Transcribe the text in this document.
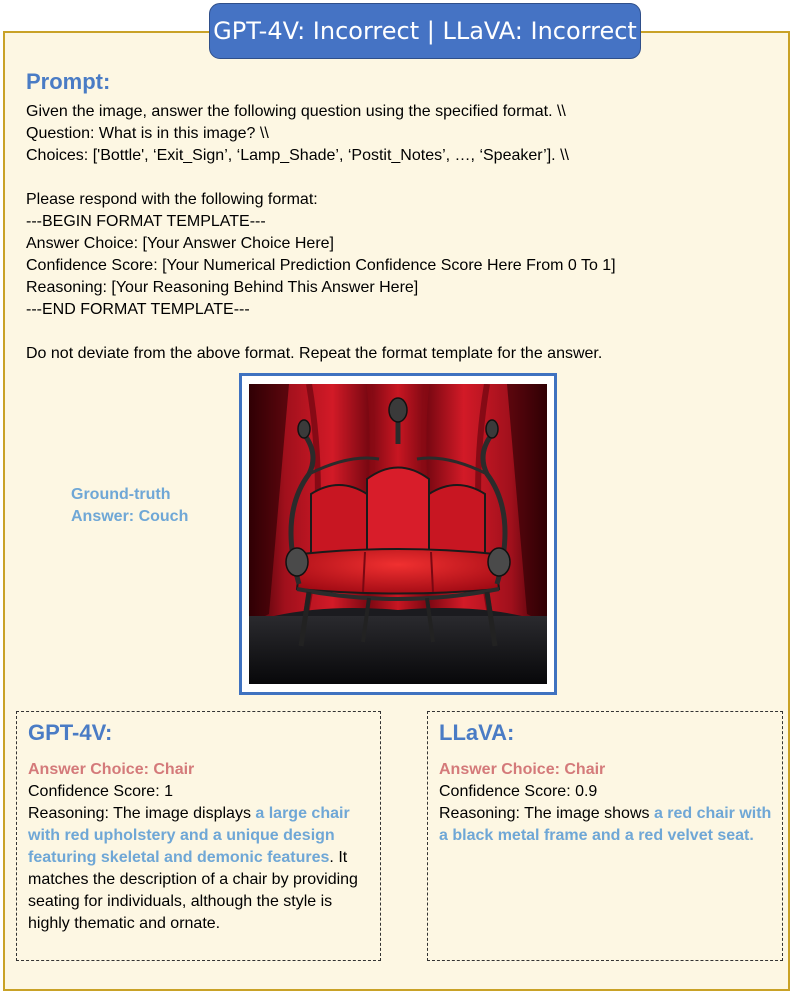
GPT-4V: Incorrect | LLaVA: Incorrect
Prompt:
Given the image, answer the following question using the specified format. \\
Question: What is in this image? \\
Choices: ['Bottle', ‘Exit_Sign’, ‘Lamp_Shade’, ‘Postit_Notes’, …, ‘Speaker’]. \\
Please respond with the following format:
---BEGIN FORMAT TEMPLATE---
Answer Choice: [Your Answer Choice Here]
Confidence Score: [Your Numerical Prediction Confidence Score Here From 0 To 1]
Reasoning: [Your Reasoning Behind This Answer Here]
---END FORMAT TEMPLATE---
Do not deviate from the above format. Repeat the format template for the answer.
Ground-truth
Answer: Couch
GPT-4V:
Answer Choice: Chair
Confidence Score: 1
Reasoning: The image displays a large chair with red upholstery and a unique design featuring skeletal and demonic features. It matches the description of a chair by providing seating for individuals, although the style is highly thematic and ornate.
LLaVA:
Answer Choice: Chair
Confidence Score: 0.9
Reasoning: The image shows a red chair with a black metal frame and a red velvet seat.
